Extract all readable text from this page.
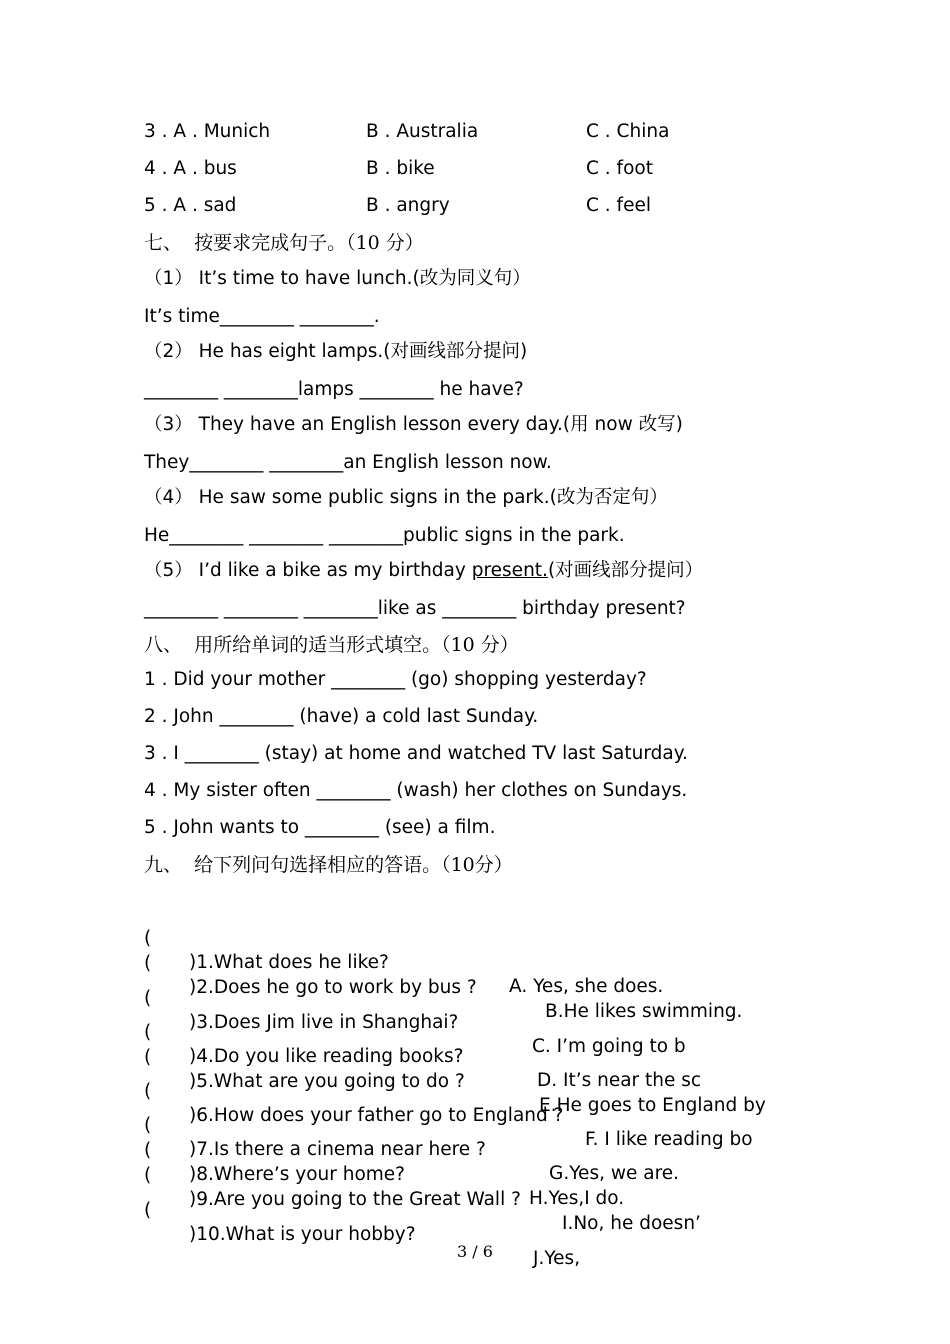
3 . A . Munich

	B . Australia

	C . China

4 . A . bus

	B . bike

	C . foot

5 . A . sad

	B . angry

	C . feel

七、  按要求完成句子。（10 分）
（1） It’s time to have lunch.(改为同义句）
It’s time________ ________.
（2） He has eight lamps.(对画线部分提问)
________ ________lamps ________ he have?
（3） They have an English lesson every day.(用 now 改写)
They________ ________an English lesson now.
（4） He saw some public signs in the park.(改为否定句）
He________ ________ ________public signs in the park.
（5） I’d like a bike as my birthday present.(对画线部分提问）
________ ________ ________like as ________ birthday present?
八、  用所给单词的适当形式填空。（10 分）
1 . Did your mother ________ (go) shopping yesterday?
2 . John ________ (have) a cold last Sunday.
3 . I ________ (stay) at home and watched TV last Saturday.
4 . My sister often ________ (wash) her clothes on Sundays.
5 . John wants to ________ (see) a film.
九、  给下列问句选择相应的答语。（10分）

(

)1.What does he like?

A. Yes, she does.

(

)2.Does he go to work by bus ?

B.He likes swimming.

(

)3.Does Jim live in Shanghai?

C. I’m going to b

(

)4.Do you like reading books?

D. It’s near the sc

(

)5.What are you going to do ?

E.He goes to England by

(

)6.How does your father go to England ?

F. I like reading bo

(

)7.Is there a cinema near here ?

G.Yes, we are.

(

)8.Where’s your home?

H.Yes,I do.

(

)9.Are you going to the Great Wall ?

I.No, he doesn’

(

)10.What is your hobby?

J.Yes,

3 / 6
